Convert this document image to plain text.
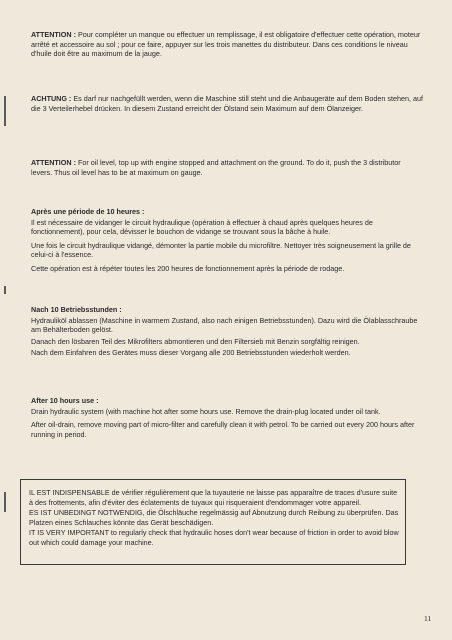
ATTENTION : Pour compléter un manque ou effectuer un remplissage, il est obligatoire d'effectuer cette opération, moteur arrêté et accessoire au sol ; pour ce faire, appuyer sur les trois manettes du distributeur. Dans ces conditions le niveau d'huile doit être au maximum de la jauge.

ACHTUNG : Es darf nur nachgefüllt werden, wenn die Maschine still steht und die Anbaugeräte auf dem Boden stehen, auf die 3 Verteilerhebel drücken. In diesem Zustand erreicht der Ölstand sein Maximum auf dem Ölanzeiger.

ATTENTION : For oil level, top up with engine stopped and attachment on the ground. To do it, push the 3 distributor levers. Thus oil level has to be at maximum on gauge.

Après une période de 10 heures :

Il est nécessaire de vidanger le circuit hydraulique (opération à effectuer à chaud après quelques heures de fonctionnement), pour cela, dévisser le bouchon de vidange se trouvant sous la bâche à huile.

Une fois le circuit hydraulique vidangé, démonter la partie mobile du microfiltre. Nettoyer très soigneusement la grille de celui-ci à l'essence.

Cette opération est à répéter toutes les 200 heures de fonctionnement après la période de rodage.

Nach 10 Betriebsstunden :

Hydrauliköl ablassen (Maschine in warmem Zustand, also nach einigen Betriebsstunden). Dazu wird die Ölablasschraube am Behälterboden gelöst.

Danach den lösbaren Teil des Mikrofilters abmontieren und den Filtersieb mit Benzin sorgfältig reinigen.

Nach dem Einfahren des Gerätes muss dieser Vorgang alle 200 Betriebsstunden wiederholt werden.

After 10 hours use :

Drain hydraulic system (with machine hot after some hours use. Remove the drain-plug located under oil tank.

After oil-drain, remove moving part of micro-filter and carefully clean it with petrol. To be carried out every 200 hours after running in period.

IL EST INDISPENSABLE de vérifier régulièrement que la tuyauterie ne laisse pas apparaître de traces d'usure suite à des frottements, afin d'éviter des éclatements de tuyaux qui risqueraient d'endommager votre appareil.

ES IST UNBEDINGT NOTWENDIG, die Ölschläuche regelmässig auf Abnutzung durch Reibung zu überprüfen. Das Platzen eines Schlauches könnte das Gerät beschädigen.

IT IS VERY IMPORTANT to regularly check that hydraulic hoses don't wear because of friction in order to avoid blow out which could damage your machine.

11
